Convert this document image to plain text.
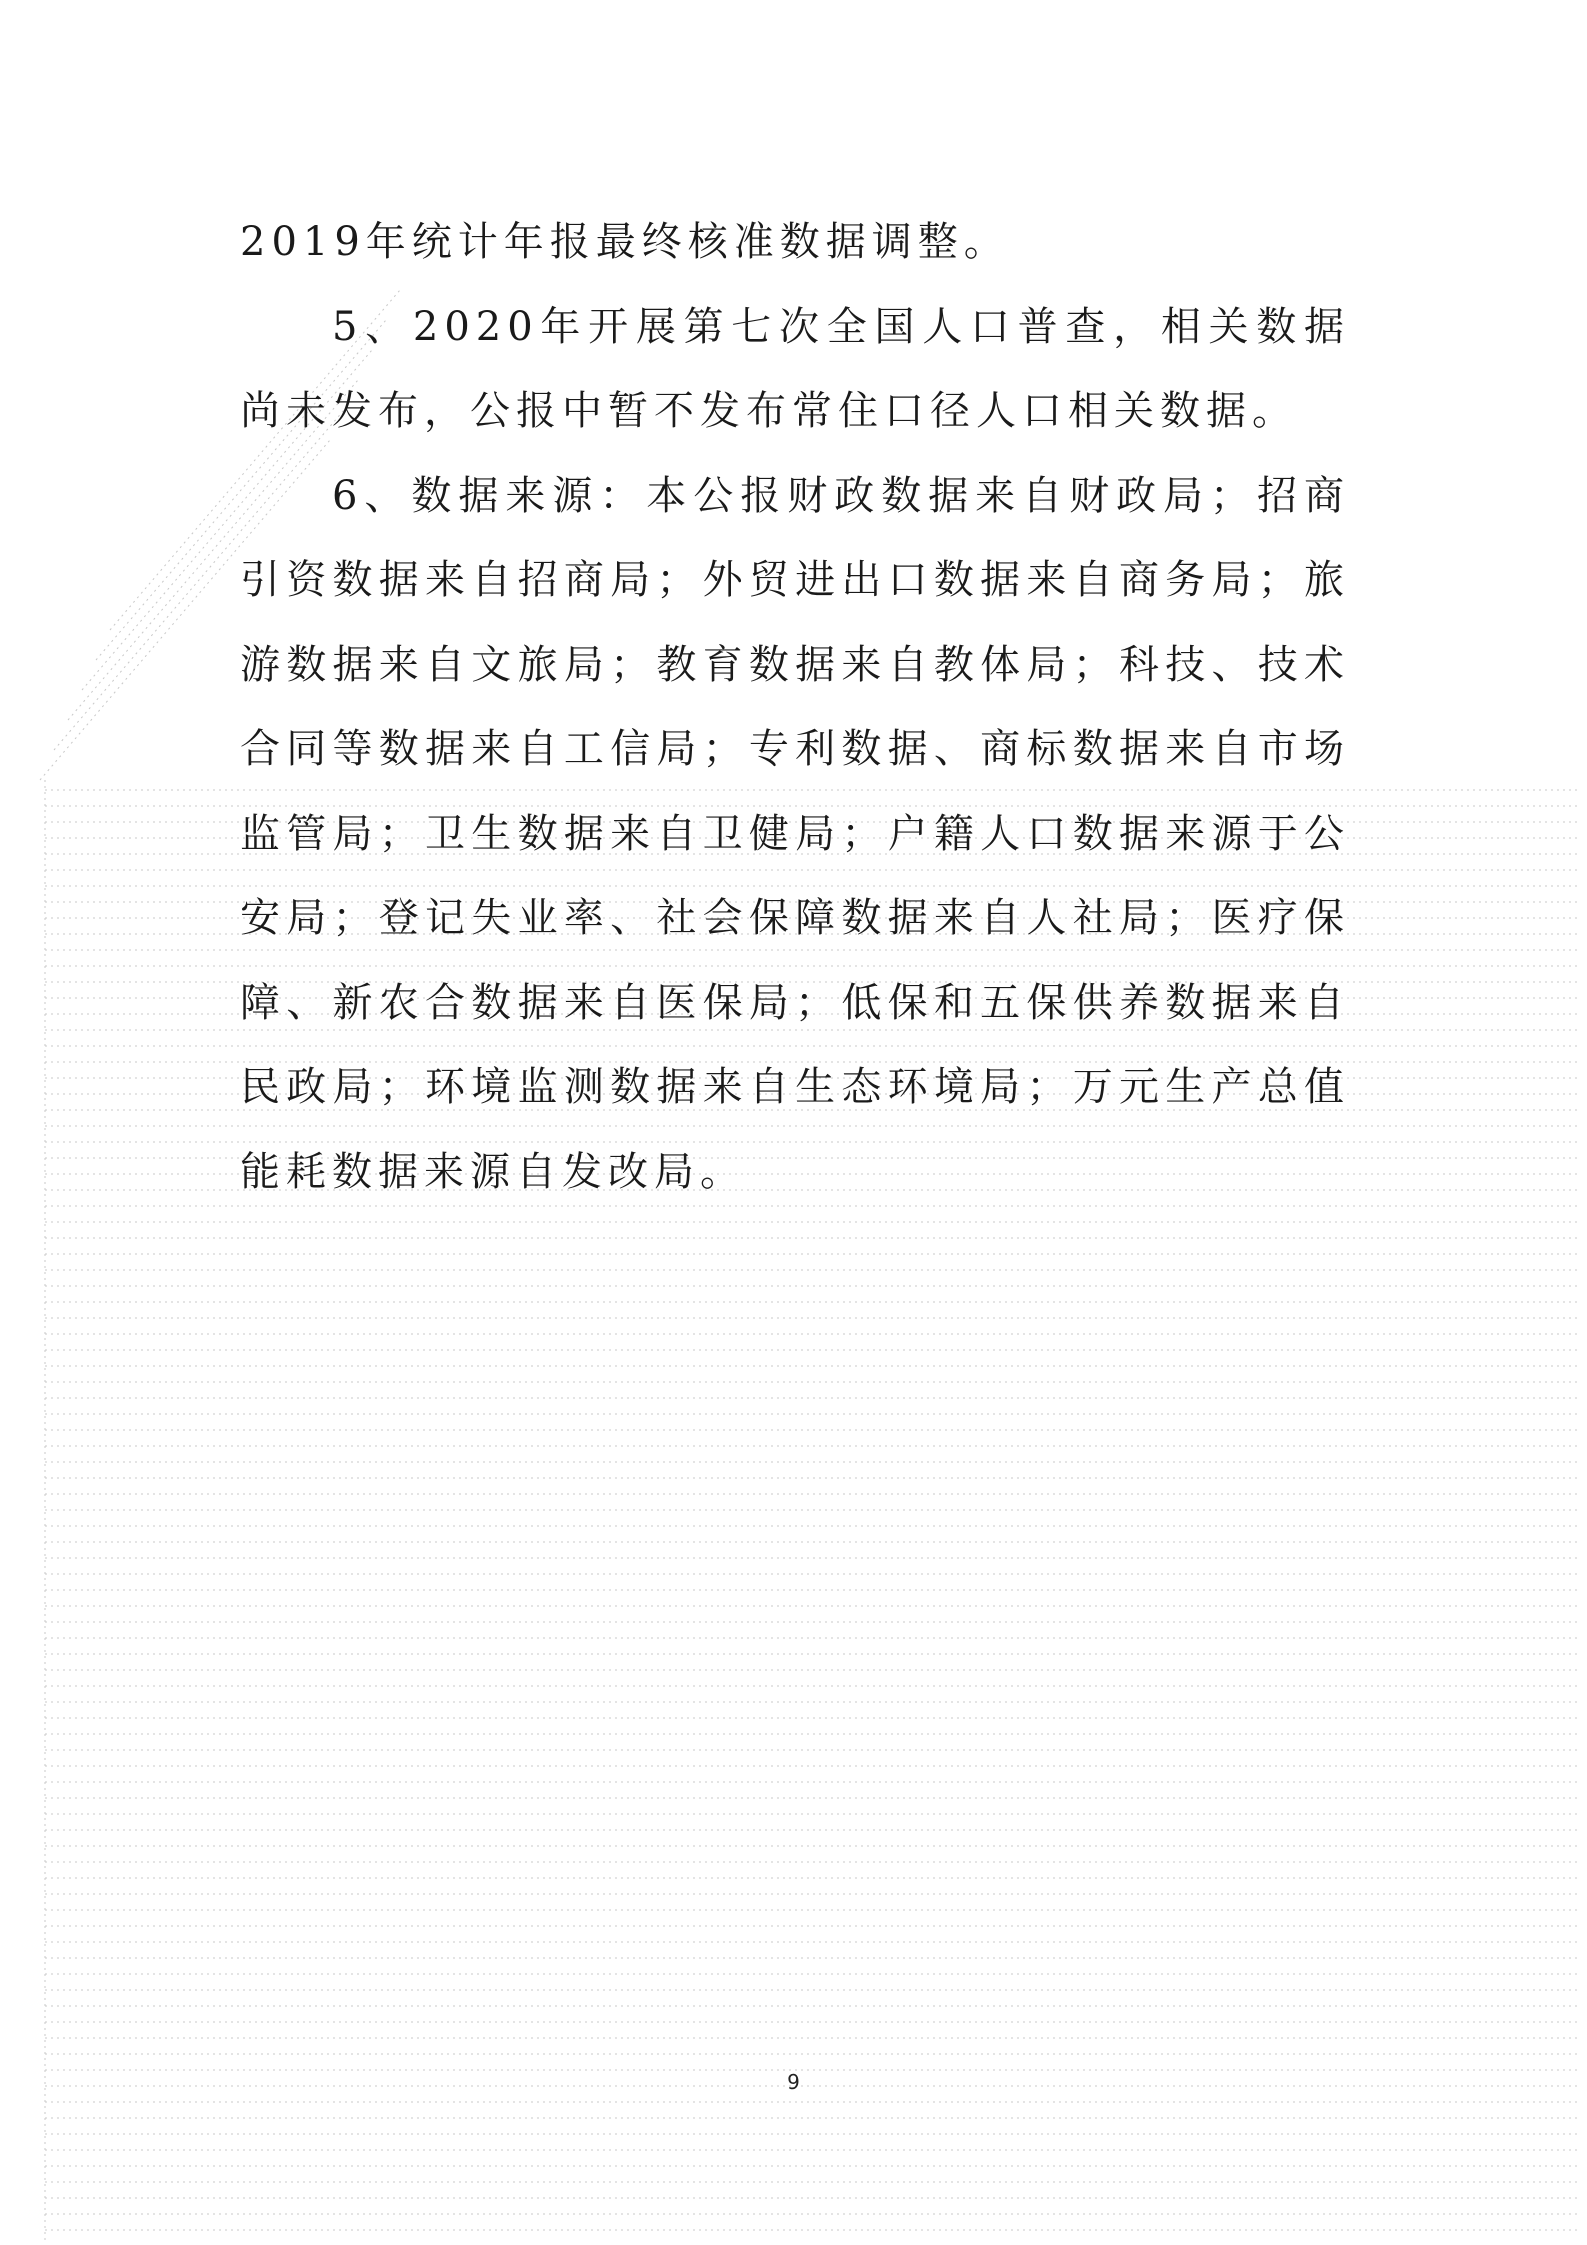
2019年统计年报最终核准数据调整。

5、2020年开展第七次全国人口普查，相关数据尚未发布，公报中暂不发布常住口径人口相关数据。

6、数据来源：本公报财政数据来自财政局；招商引资数据来自招商局；外贸进出口数据来自商务局；旅游数据来自文旅局；教育数据来自教体局；科技、技术合同等数据来自工信局；专利数据、商标数据来自市场监管局；卫生数据来自卫健局；户籍人口数据来源于公安局；登记失业率、社会保障数据来自人社局；医疗保障、新农合数据来自医保局；低保和五保供养数据来自民政局；环境监测数据来自生态环境局；万元生产总值能耗数据来源自发改局。

9
